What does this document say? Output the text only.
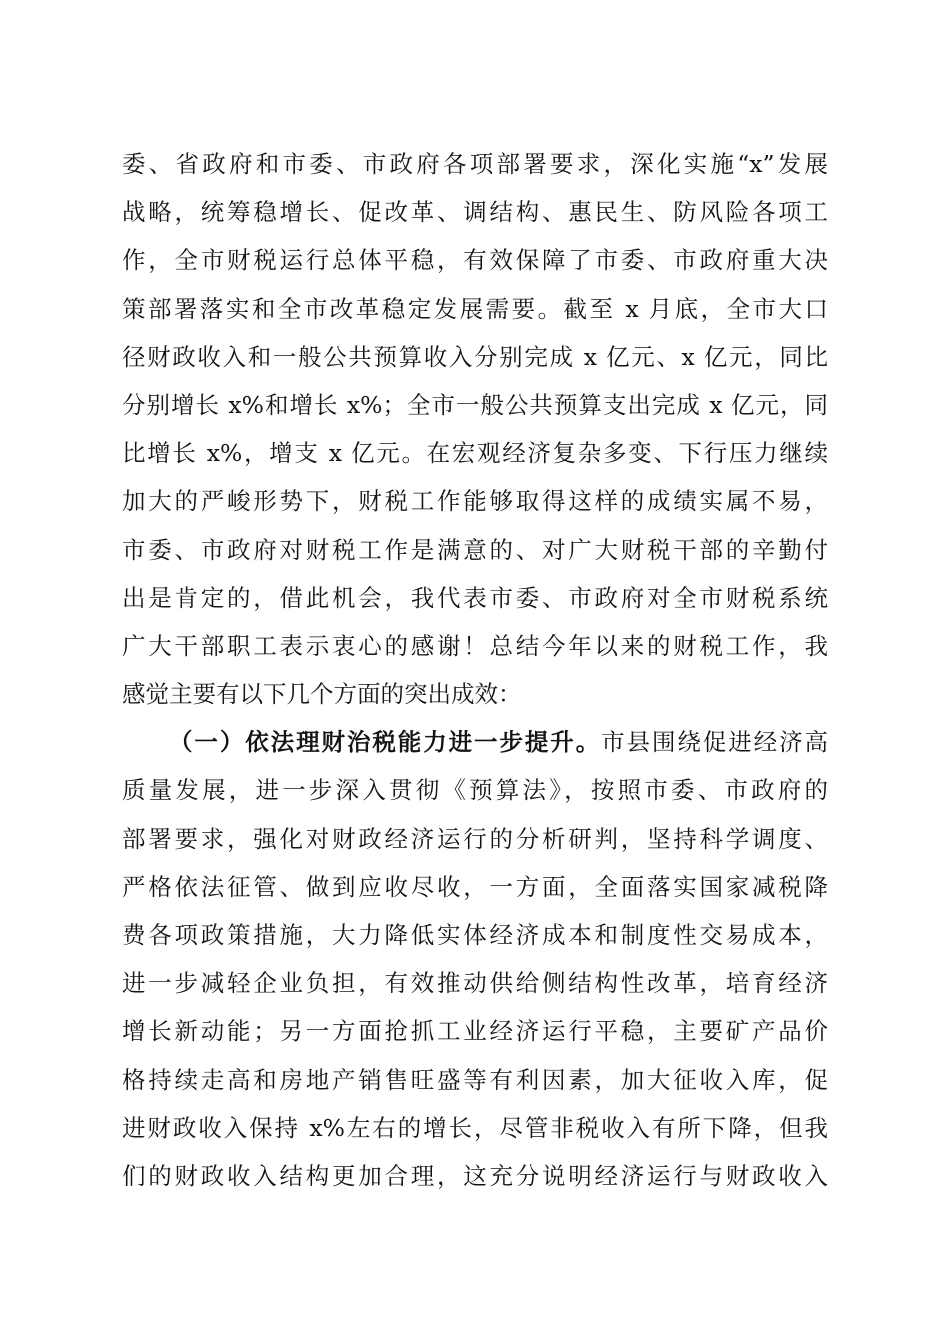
委、省政府和市委、市政府各项部署要求，深化实施“x”发展
战略，统筹稳增长、促改革、调结构、惠民生、防风险各项工
作，全市财税运行总体平稳，有效保障了市委、市政府重大决
策部署落实和全市改革稳定发展需要。截至 x 月底，全市大口
径财政收入和一般公共预算收入分别完成 x 亿元、x 亿元，同比
分别增长 x%和增长 x%；全市一般公共预算支出完成 x 亿元，同
比增长 x%，增支 x 亿元。在宏观经济复杂多变、下行压力继续
加大的严峻形势下，财税工作能够取得这样的成绩实属不易，
市委、市政府对财税工作是满意的、对广大财税干部的辛勤付
出是肯定的，借此机会，我代表市委、市政府对全市财税系统
广大干部职工表示衷心的感谢！总结今年以来的财税工作，我
感觉主要有以下几个方面的突出成效：
（一）依法理财治税能力进一步提升。市县围绕促进经济高
质量发展，进一步深入贯彻《预算法》，按照市委、市政府的
部署要求，强化对财政经济运行的分析研判，坚持科学调度、
严格依法征管、做到应收尽收，一方面，全面落实国家减税降
费各项政策措施，大力降低实体经济成本和制度性交易成本，
进一步减轻企业负担，有效推动供给侧结构性改革，培育经济
增长新动能；另一方面抢抓工业经济运行平稳，主要矿产品价
格持续走高和房地产销售旺盛等有利因素，加大征收入库，促
进财政收入保持 x%左右的增长，尽管非税收入有所下降，但我
们的财政收入结构更加合理，这充分说明经济运行与财政收入
